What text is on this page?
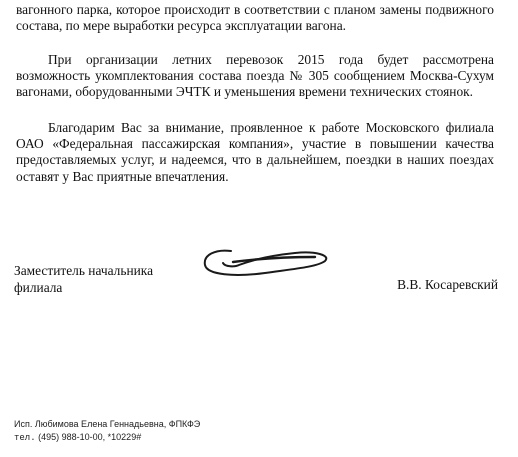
вагонного парка, которое происходит в соответствии с планом замены подвижного состава, по мере выработки ресурса эксплуатации вагона.

При организации летних перевозок 2015 года будет рассмотрена возможность укомплектования состава поезда № 305 сообщением Москва-Сухум вагонами, оборудованными ЭЧТК и уменьшения времени технических стоянок.

Благодарим Вас за внимание, проявленное к работе Московского филиала ОАО «Федеральная пассажирская компания», участие в повышении качества предоставляемых услуг, и надеемся, что в дальнейшем, поездки в наших поездах оставят у Вас приятные впечатления.

Заместитель начальника
филиала	В.В. Косаревский
Исп. Любимова Елена Геннадьевна, ФПКФЭ
тел. (495) 988-10-00, *10229#
